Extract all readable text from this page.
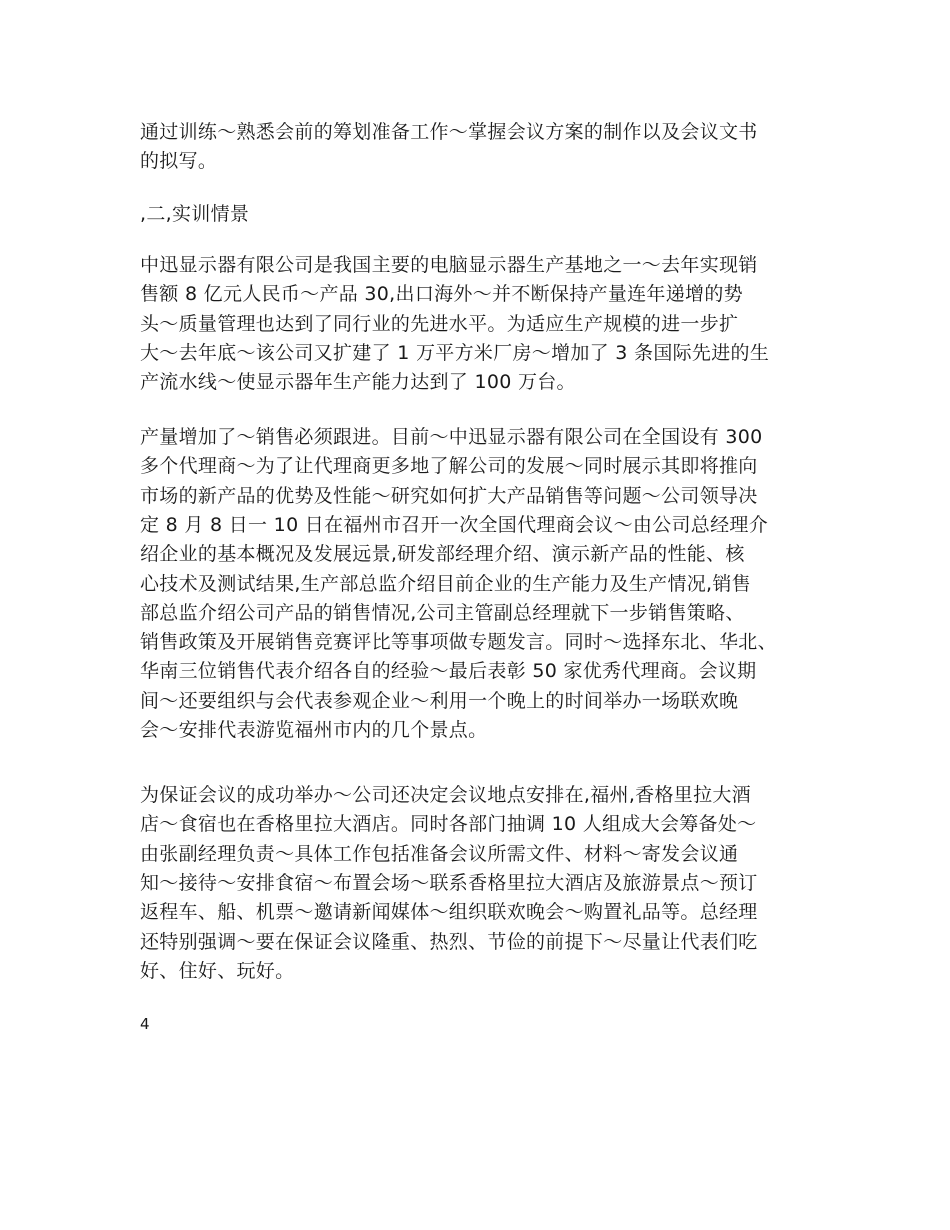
通过训练～熟悉会前的筹划准备工作～掌握会议方案的制作以及会议文书
的拟写。
,二,实训情景
中迅显示器有限公司是我国主要的电脑显示器生产基地之一～去年实现销
售额 8 亿元人民币～产品 30,出口海外～并不断保持产量连年递增的势
头～质量管理也达到了同行业的先进水平。为适应生产规模的进一步扩
大～去年底～该公司又扩建了 1 万平方米厂房～增加了 3 条国际先进的生
产流水线～使显示器年生产能力达到了 100 万台。
产量增加了～销售必须跟进。目前～中迅显示器有限公司在全国设有 300
多个代理商～为了让代理商更多地了解公司的发展～同时展示其即将推向
市场的新产品的优势及性能～研究如何扩大产品销售等问题～公司领导决
定 8 月 8 日一 10 日在福州市召开一次全国代理商会议～由公司总经理介
绍企业的基本概况及发展远景,研发部经理介绍、演示新产品的性能、核
心技术及测试结果,生产部总监介绍目前企业的生产能力及生产情况,销售
部总监介绍公司产品的销售情况,公司主管副总经理就下一步销售策略、
销售政策及开展销售竞赛评比等事项做专题发言。同时～选择东北、华北、
华南三位销售代表介绍各自的经验～最后表彰 50 家优秀代理商。会议期
间～还要组织与会代表参观企业～利用一个晚上的时间举办一场联欢晚
会～安排代表游览福州市内的几个景点。
为保证会议的成功举办～公司还决定会议地点安排在,福州,香格里拉大酒
店～食宿也在香格里拉大酒店。同时各部门抽调 10 人组成大会筹备处～
由张副经理负责～具体工作包括准备会议所需文件、材料～寄发会议通
知～接待～安排食宿～布置会场～联系香格里拉大酒店及旅游景点～预订
返程车、船、机票～邀请新闻媒体～组织联欢晚会～购置礼品等。总经理
还特别强调～要在保证会议隆重、热烈、节俭的前提下～尽量让代表们吃
好、住好、玩好。
4
